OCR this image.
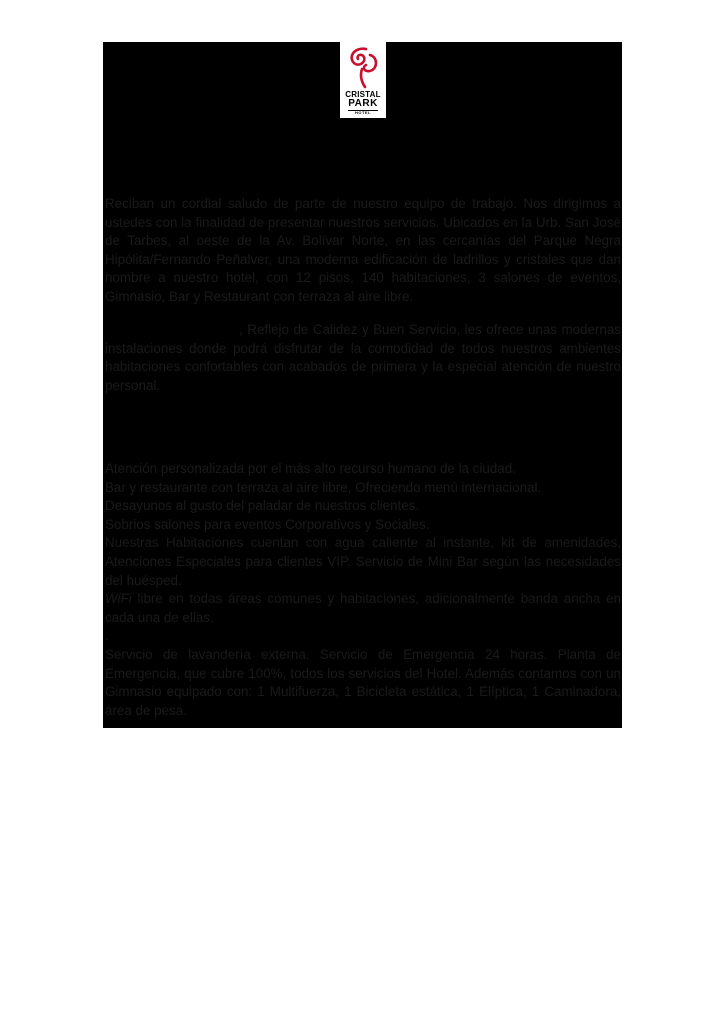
CRISTAL
PARK
HOTEL

Reciban un cordial saludo de parte de nuestro equipo de trabajo. Nos dirigimos a ustedes con la finalidad de presentar nuestros servicios. Ubicados en la Urb. San José de Tarbes, al oeste de la Av. Bolívar Norte, en las cercanías del Parque Negra Hipólita/Fernando Peñalver, una moderna edificación de ladrillos y cristales que dan nombre a nuestro hotel, con 12 pisos, 140 habitaciones, 3 salones de eventos, Gimnasio, Bar y Restaurant con terraza al aire libre.

, Reflejo de Calidez y Buen Servicio, les ofrece unas modernas instalaciones donde podrá disfrutar de la comodidad de todos nuestros ambientes habitaciones confortables con acabados de primera y la especial atención de nuestro personal.

Atención personalizada por el más alto recurso humano de la ciudad.

Bar y restaurante con terraza al aire libre, Ofreciendo menú internacional.

Desayunos al gusto del paladar de nuestros clientes.

Sobrios salones para eventos Corporativos y Sociales.

Nuestras Habitaciones cuentan con agua caliente al instante, kit de amenidades, Atenciones Especiales para clientes VIP, Servicio de Mini Bar según las necesidades del huésped.

WiFi libre en todas áreas comunes y habitaciones, adicionalmente banda ancha en cada una de ellas.

.

Servicio de lavandería externa. Servicio de Emergencia 24 horas. Planta de Emergencia, que cubre 100%, todos los servicios del Hotel. Además contamos con un Gimnasio equipado con: 1 Multifuerza, 1 Bicicleta estática, 1 Elíptica, 1 Caminadora, área de pesa.
